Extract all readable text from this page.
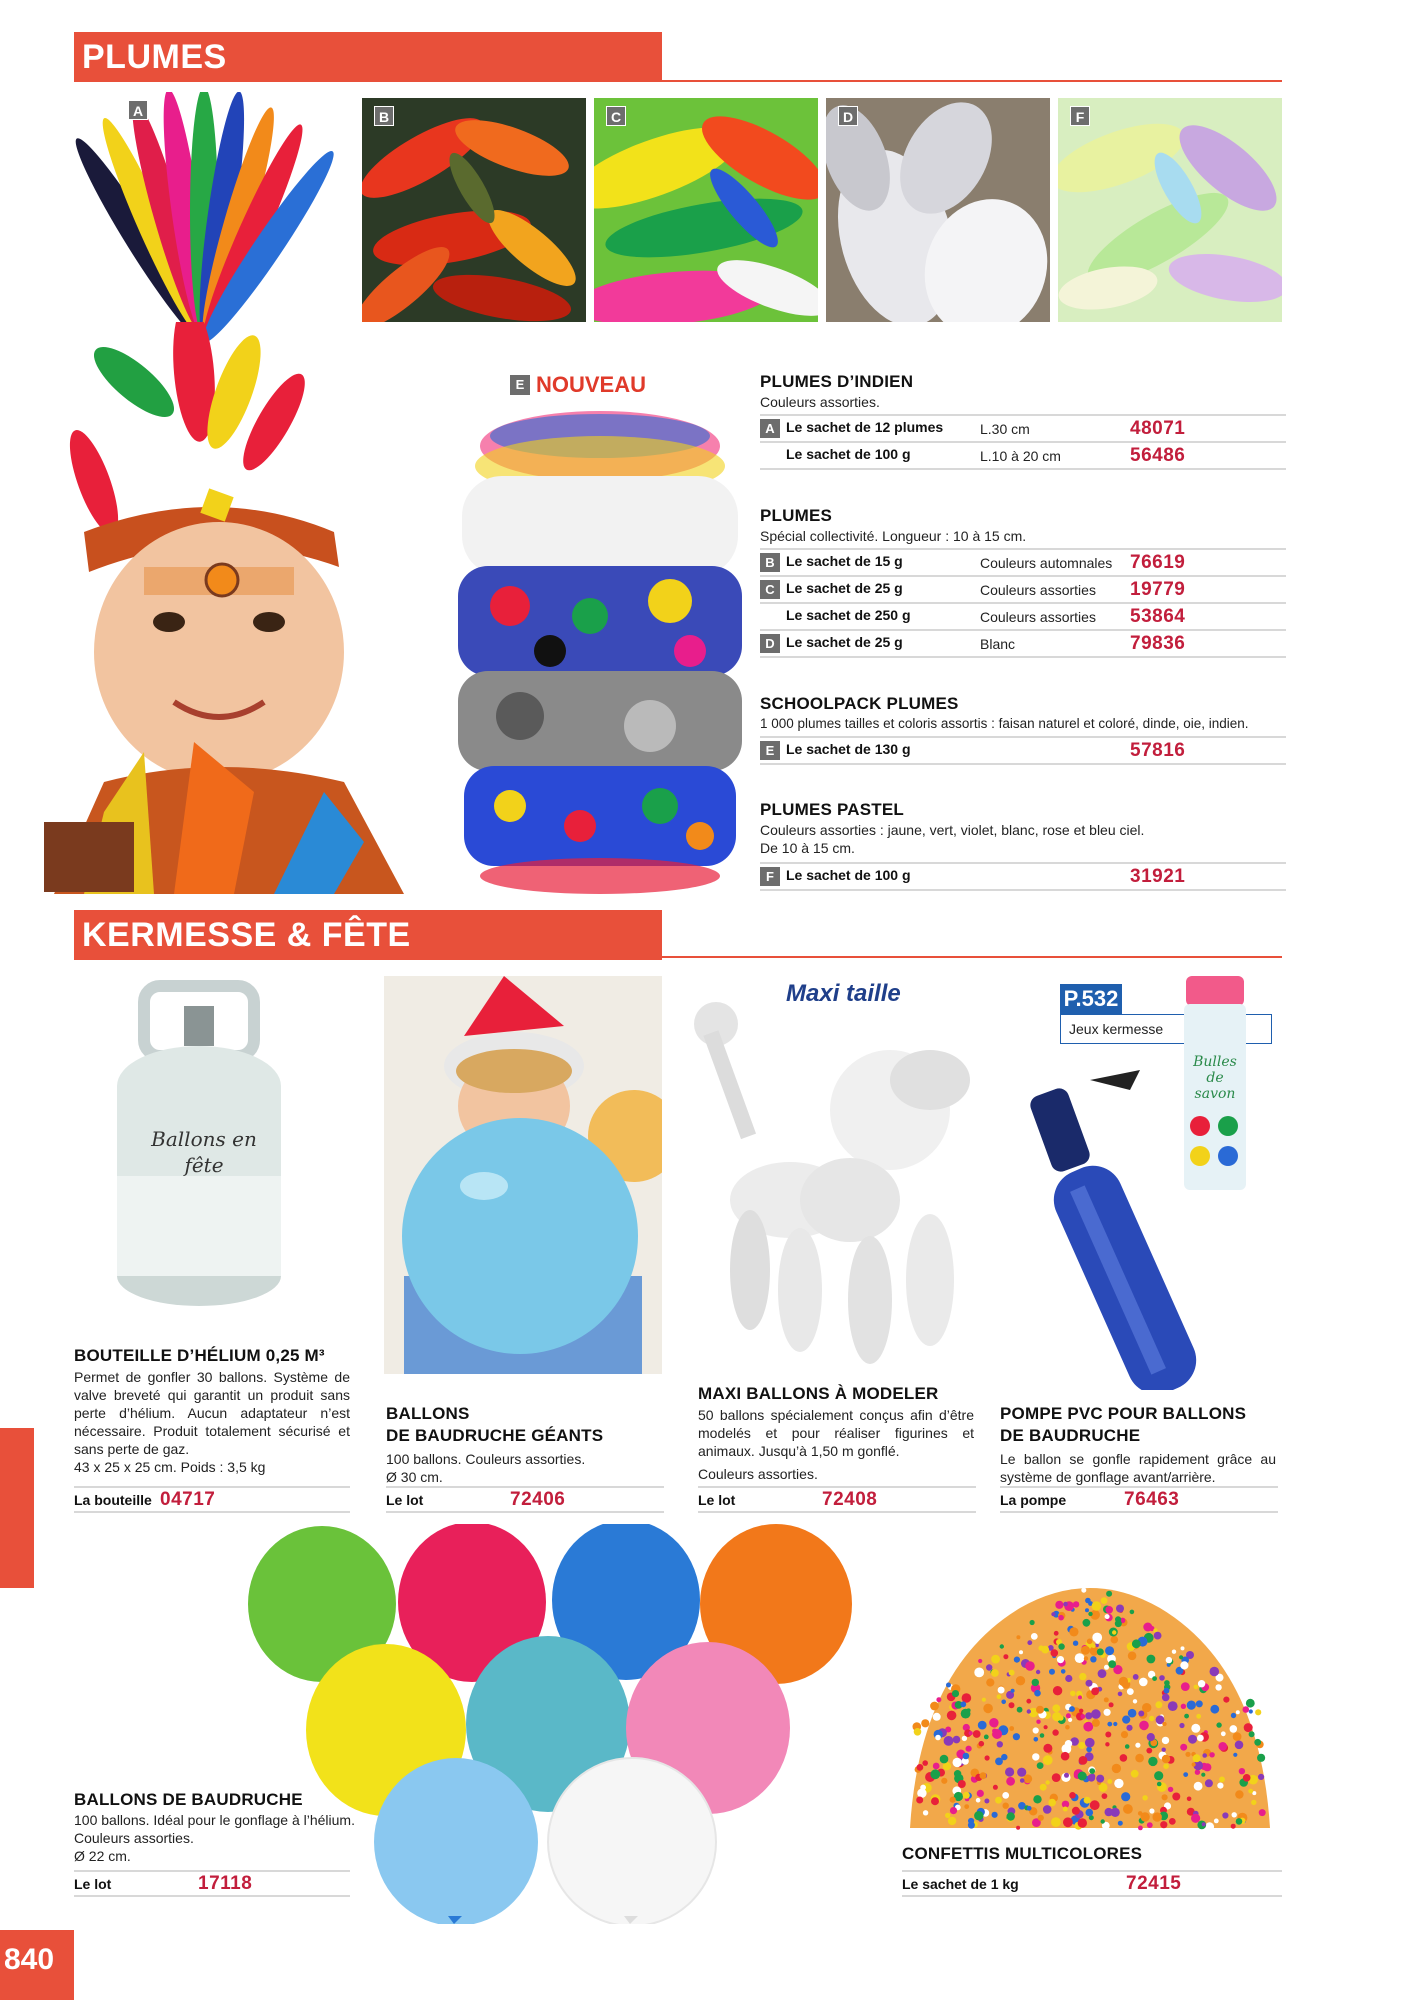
PLUMES
A	B	C	D	F
E NOUVEAU	PLUMES D’INDIEN
Couleurs assorties.
A Le sachet de 12 plumes	L.30 cm	48071
Le sachet de 100 g	L.10 à 20 cm	56486
PLUMES
Spécial collectivité. Longueur : 10 à 15 cm.
B Le sachet de 15 g	Couleurs automnales	76619
C Le sachet de 25 g	Couleurs assorties	19779
Le sachet de 250 g	Couleurs assorties	53864
D Le sachet de 25 g	Blanc	79836
SCHOOLPACK PLUMES
1 000 plumes tailles et coloris assortis : faisan naturel et coloré, dinde, oie, indien.
E Le sachet de 130 g	57816
PLUMES PASTEL
Couleurs assorties : jaune, vert, violet, blanc, rose et bleu ciel.
De 10 à 15 cm.
F Le sachet de 100 g	31921
KERMESSE & FÊTE
Ballons en fête
BOUTEILLE D’HÉLIUM 0,25 M³
Permet de gonfler 30 ballons. Système de valve breveté qui garantit un produit sans perte d’hélium. Aucun adaptateur n’est nécessaire. Produit totalement sécurisé et sans perte de gaz.
43 x 25 x 25 cm. Poids : 3,5 kg
La bouteille 04717
BALLONS
DE BAUDRUCHE GÉANTS
100 ballons. Couleurs assorties.
Ø 30 cm.
Le lot	72406
Maxi taille
MAXI BALLONS À MODELER
50 ballons spécialement conçus afin d’être modelés et pour réaliser figurines et animaux. Jusqu’à 1,50 m gonflé.
Couleurs assorties.
Le lot	72408
P.532
Jeux kermesse
Bulles de savon
POMPE PVC POUR BALLONS
DE BAUDRUCHE
Le ballon se gonfle rapidement grâce au système de gonflage avant/arrière.
La pompe	76463
BALLONS DE BAUDRUCHE
100 ballons. Idéal pour le gonflage à l’hélium.
Couleurs assorties.
Ø 22 cm.
Le lot	17118
CONFETTIS MULTICOLORES
Le sachet de 1 kg	72415
840
